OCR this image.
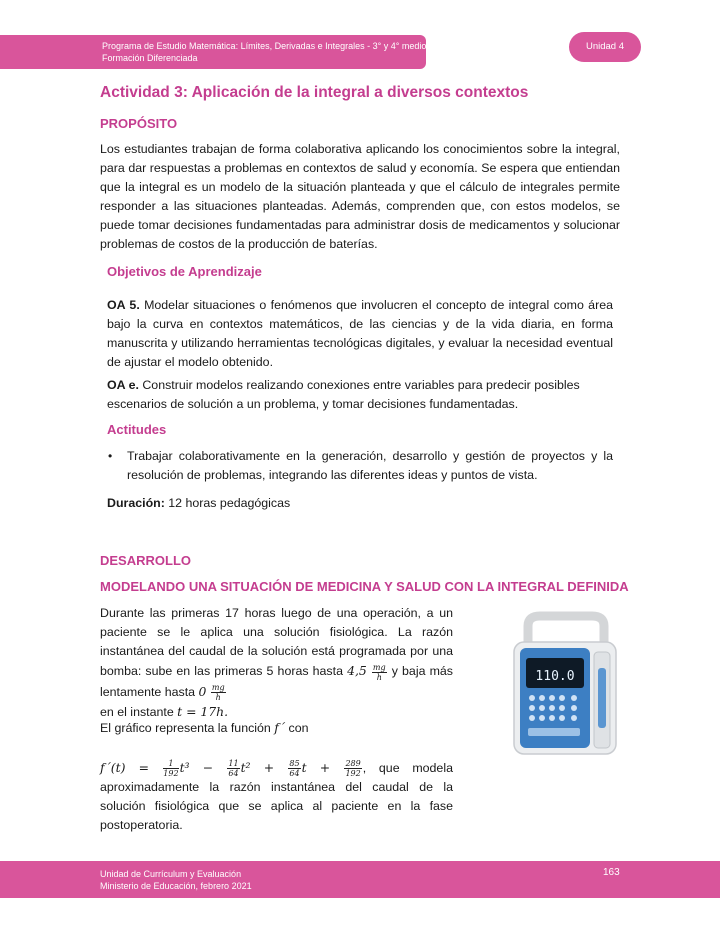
Programa de Estudio Matemática: Límites, Derivadas e Integrales - 3° y 4° medio
Formación Diferenciada
Unidad 4
Actividad 3: Aplicación de la integral a diversos contextos
PROPÓSITO
Los estudiantes trabajan de forma colaborativa aplicando los conocimientos sobre la integral, para dar respuestas a problemas en contextos de salud y economía. Se espera que entiendan que la integral es un modelo de la situación planteada y que el cálculo de integrales permite responder a las situaciones planteadas. Además, comprenden que, con estos modelos, se puede tomar decisiones fundamentadas para administrar dosis de medicamentos y solucionar problemas de costos de la producción de baterías.
Objetivos de Aprendizaje
OA 5. Modelar situaciones o fenómenos que involucren el concepto de integral como área bajo la curva en contextos matemáticos, de las ciencias y de la vida diaria, en forma manuscrita y utilizando herramientas tecnológicas digitales, y evaluar la necesidad eventual de ajustar el modelo obtenido.
OA e. Construir modelos realizando conexiones entre variables para predecir posibles escenarios de solución a un problema, y tomar decisiones fundamentadas.
Actitudes
• Trabajar colaborativamente en la generación, desarrollo y gestión de proyectos y la resolución de problemas, integrando las diferentes ideas y puntos de vista.
Duración: 12 horas pedagógicas
DESARROLLO
MODELANDO UNA SITUACIÓN DE MEDICINA Y SALUD CON LA INTEGRAL DEFINIDA
Durante las primeras 17 horas luego de una operación, a un paciente se le aplica una solución fisiológica. La razón instantánea del caudal de la solución está programada por una bomba: sube en las primeras 5 horas hasta $4,5 \frac{mg}{h}$ y baja más lentamente hasta $0 \frac{mg}{h}$

en el instante t = 17h.
El gráfico representa la función f´ con
f´(t) = $\frac{1}{192} t^3 - \frac{11}{64} t^2 + \frac{85}{64}$ $t + \frac{289}{192}$ , que modela aproximadamente la razón instantánea del caudal de la solución fisiológica que se aplica al paciente en la fase postoperatoria.
110.0
Unidad de Currículum y Evaluación
Ministerio de Educación, febrero 2021
163
